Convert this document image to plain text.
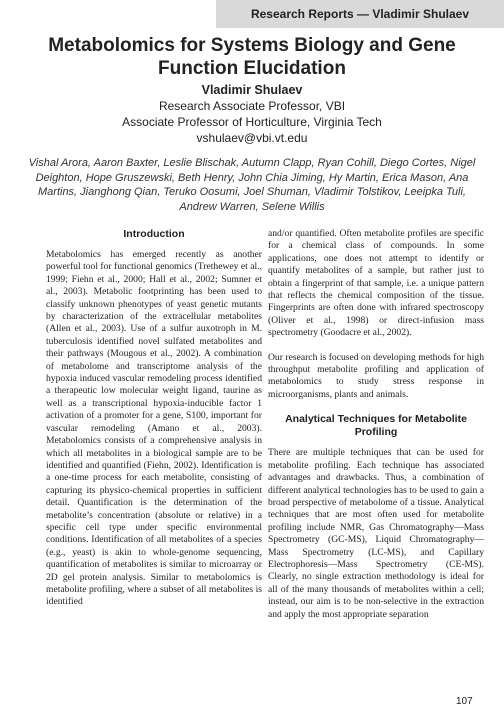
Research Reports — Vladimir Shulaev
Metabolomics for Systems Biology and Gene Function Elucidation
Vladimir Shulaev
Research Associate Professor, VBI
Associate Professor of Horticulture, Virginia Tech
vshulaev@vbi.vt.edu
Vishal Arora, Aaron Baxter, Leslie Blischak, Autumn Clapp, Ryan Cohill, Diego Cortes, Nigel Deighton, Hope Gruszewski, Beth Henry, John Chia Jiming, Hy Martin, Erica Mason, Ana Martins, Jianghong Qian, Teruko Oosumi, Joel Shuman, Vladimir Tolstikov, Leeipka Tuli, Andrew Warren, Selene Willis
Introduction

Metabolomics has emerged recently as another powerful tool for functional genomics (Trethewey et al., 1999; Fiehn et al., 2000; Hall et al., 2002; Sumner et al., 2003). Metabolic footprinting has been used to classify unknown phenotypes of yeast genetic mutants by characterization of the extracellular metabolites (Allen et al., 2003). Use of a sulfur auxotroph in M. tuberculosis identified novel sulfated metabolites and their pathways (Mougous et al., 2002). A combination of metabolome and transcriptome analysis of the hypoxia induced vascular remodeling process identified a therapeutic low molecular weight ligand, taurine as well as a transcriptional hypoxia-inducible factor 1 activation of a promoter for a gene, S100, important for vascular remodeling (Amano et al., 2003). Metabolomics consists of a comprehensive analysis in which all metabolites in a biological sample are to be identified and quantified (Fiehn, 2002). Identification is a one-time process for each metabolite, consisting of capturing its physico-chemical properties in sufficient detail. Quantification is the determination of the metabolite’s concentration (absolute or relative) in a specific cell type under specific environmental conditions. Identification of all metabolites of a species (e.g., yeast) is akin to whole-genome sequencing, quantification of metabolites is similar to microarray or 2D gel protein analysis. Similar to metabolomics is metabolite profiling, where a subset of all metabolites is identified

and/or quantified. Often metabolite profiles are specific for a chemical class of compounds. In some applications, one does not attempt to identify or quantify metabolites of a sample, but rather just to obtain a fingerprint of that sample, i.e. a unique pattern that reflects the chemical composition of the tissue. Fingerprints are often done with infrared spectroscopy (Oliver et al., 1998) or direct-infusion mass spectrometry (Goodacre et al., 2002).

Our research is focused on developing methods for high throughput metabolite profiling and application of metabolomics to study stress response in microorganisms, plants and animals.

Analytical Techniques for Metabolite Profiling

There are multiple techniques that can be used for metabolite profiling. Each technique has associated advantages and drawbacks. Thus, a combination of different analytical technologies has to be used to gain a broad perspective of metabolome of a tissue. Analytical techniques that are most often used for metabolite profiling include NMR, Gas Chromatography—Mass Spectrometry (GC-MS), Liquid Chromatography—Mass Spectrometry (LC-MS), and Capillary Electrophoresis—Mass Spectrometry (CE-MS). Clearly, no single extraction methodology is ideal for all of the many thousands of metabolites within a cell; instead, our aim is to be non-selective in the extraction and apply the most appropriate separation

107
